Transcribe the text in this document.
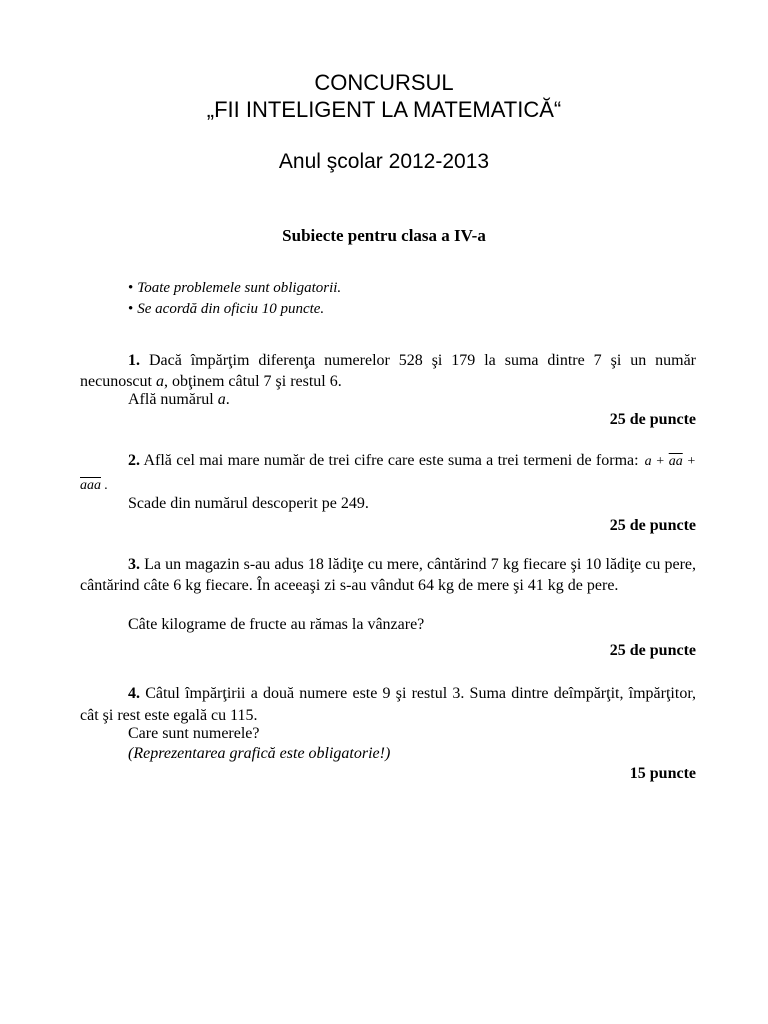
CONCURSUL
„FII INTELIGENT LA MATEMATICĂ“
Anul şcolar 2012-2013
Subiecte pentru clasa a IV-a
• Toate problemele sunt obligatorii.
• Se acordă din oficiu 10 puncte.
1. Dacă împărţim diferenţa numerelor 528 şi 179 la suma dintre 7 şi un număr necunoscut a, obţinem câtul 7 şi restul 6.
Află numărul a.
25 de puncte
2. Află cel mai mare număr de trei cifre care este suma a trei termeni de forma: $a + \overline{aa} + \overline{aaa}$ .
Scade din numărul descoperit pe 249.
25 de puncte
3. La un magazin s-au adus 18 lădiţe cu mere, cântărind 7 kg fiecare şi 10 lădiţe cu pere, cântărind câte 6 kg fiecare. În aceeaşi zi s-au vândut 64 kg de mere şi 41 kg de pere.
Câte kilograme de fructe au rămas la vânzare?
25 de puncte
4. Câtul împărţirii a două numere este 9 şi restul 3. Suma dintre deîmpărţit, împărţitor, cât şi rest este egală cu 115.
Care sunt numerele?
(Reprezentarea grafică este obligatorie!)
15 puncte
